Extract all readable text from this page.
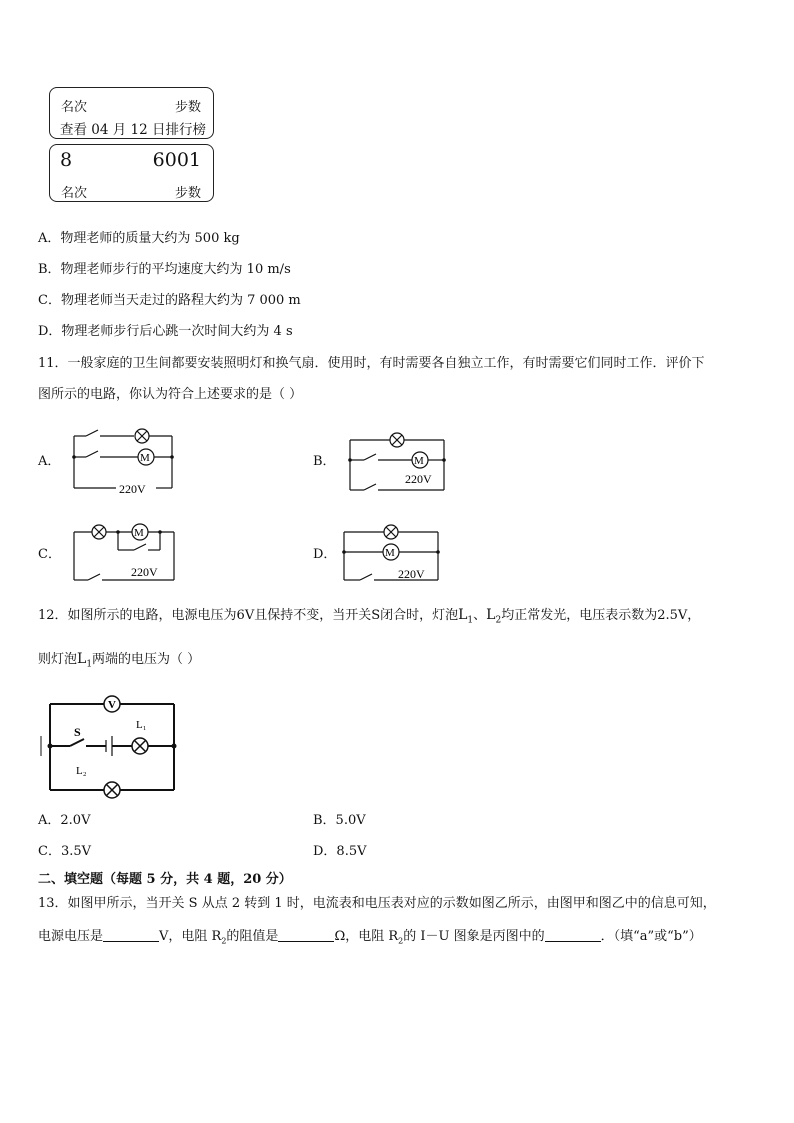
名次	步数
查看 04 月 12 日排行榜
8	6001
名次	步数
A．物理老师的质量大约为 500 kg
B．物理老师步行的平均速度大约为 10 m/s
C．物理老师当天走过的路程大约为 7 000 m
D．物理老师步行后心跳一次时间大约为 4 s
11．一般家庭的卫生间都要安装照明灯和换气扇．使用时，有时需要各自独立工作，有时需要它们同时工作．评价下
图所示的电路，你认为符合上述要求的是（ ）
A．	B．
C．	D．
M
220V
M
220V
M
220V
M
220V
12．如图所示的电路，电源电压为6V且保持不变，当开关S闭合时，灯泡$L_1$、$L_2$均正常发光，电压表示数为2.5V，
则灯泡$L_1$两端的电压为（ ）
V
S	L₁
L₂
A．2.0V	B．5.0V
C．3.5V	D．8.5V
二、填空题（每题 5 分，共 4 题，20 分）
13．如图甲所示，当开关 S 从点 2 转到 1 时，电流表和电压表对应的示数如图乙所示，由图甲和图乙中的信息可知，
电源电压是	V，电阻 $R_2$的阻值是	Ω，电阻 $R_2$的 I－U 图象是丙图中的	．（填“a”或“b”）
